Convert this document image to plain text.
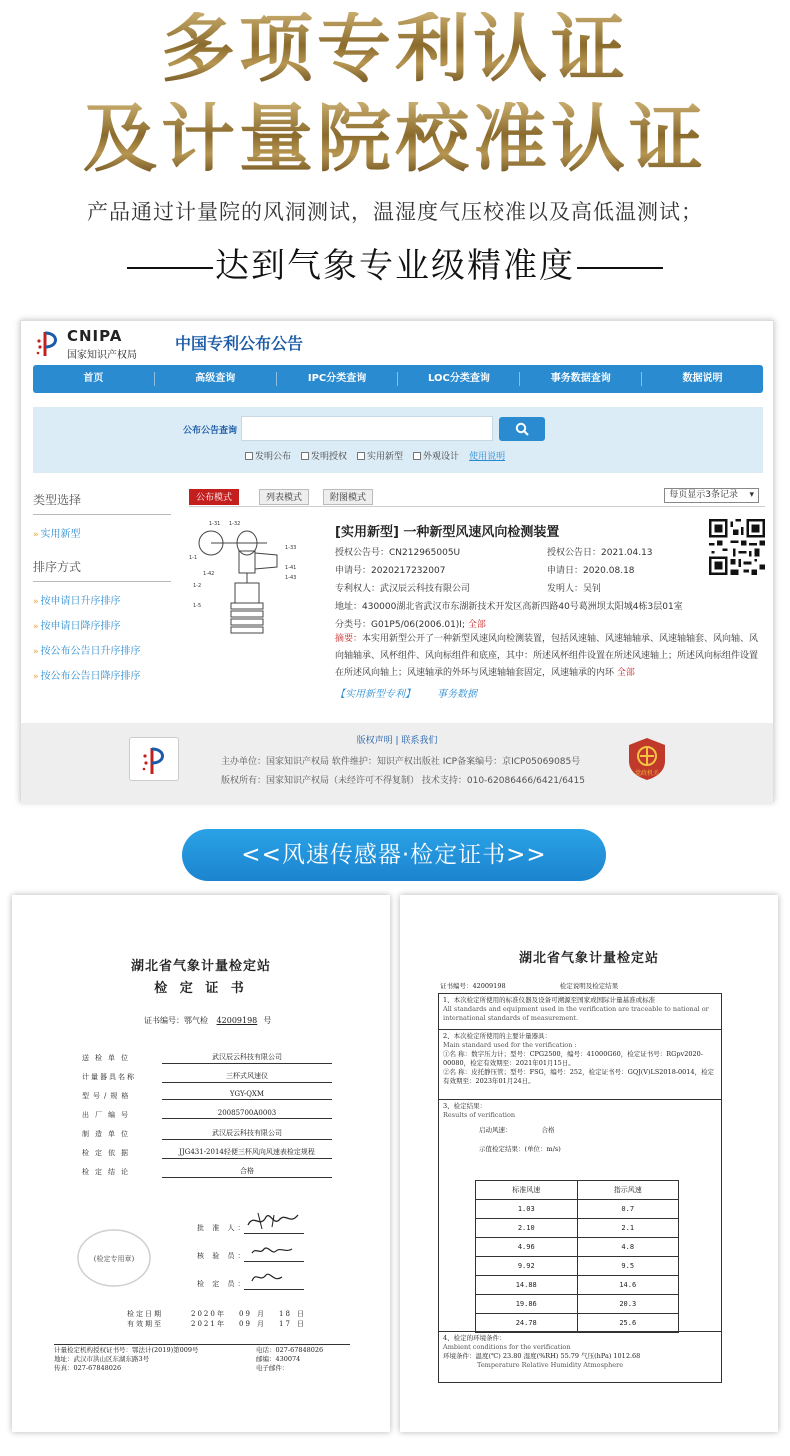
多项专利认证
及计量院校准认证
产品通过计量院的风洞测试，温湿度气压校准以及高低温测试；
达到气象专业级精准度
CNIPA
国家知识产权局
中国专利公布公告
首页	高级查询	IPC分类查询	LOC分类查询	事务数据查询	数据说明
公布公告查询
发明公布 发明授权 实用新型 外观设计 使用说明
类型选择
» 实用新型
排序方式
» 按申请日升序排序
» 按申请日降序排序
» 按公布公告日升序排序
» 按公布公告日降序排序
公布模式	列表模式	附图模式	每页显示3条记录 ▾
1-31 1-32
1-33
1-1
1-41
1-42
1-43
1-2
1-5
[实用新型] 一种新型风速风向检测装置
授权公告号：CN212965005U	授权公告日：2021.04.13
申请号：2020217232007	申请日：2020.08.18
专利权人：武汉辰云科技有限公司	发明人：吴钊
地址：430000湖北省武汉市东湖新技术开发区高新四路40号葛洲坝太阳城4栋3层01室
分类号：G01P5/06(2006.01)I; 全部
摘要：本实用新型公开了一种新型风速风向检测装置，包括风速轴、风速轴轴承、风速轴轴套、风向轴、风向轴轴承、风杯组件、风向标组件和底座，其中：所述风杯组件设置在所述风速轴上；所述风向标组件设置在所述风向轴上；风速轴承的外环与风速轴轴套固定，风速轴承的内环 全部
【实用新型专利】 事务数据
版权声明 | 联系我们
主办单位：国家知识产权局 软件维护：知识产权出版社 ICP备案编号：京ICP05069085号
版权所有：国家知识产权局（未经许可不得复制） 技术支持：010-62086466/6421/6415
党政机关
<<风速传感器·检定证书>>
湖北省气象计量检定站
检 定 证 书
证书编号：鄂气检 42009198 号
送检单位	武汉辰云科技有限公司
计量器具名称	三杯式风速仪
型号/规格	YGY-QXM
出厂编号	20085700A0003
制造单位	武汉辰云科技有限公司
检定依据	JJG431-2014轻便三杯风向风速表检定规程
检定结论	合格
(检定专用章)
批 准 人：
核 验 员：
检 定 员：
检定日期	2020年 09 月 18 日
有效期至	2021年 09 月 17 日
计量检定机构授权证书号：鄂法计(2019)第009号
地址：武汉市洪山区东湖东路3号
传真：027-67848026
电话：027-67848026
邮编：430074
电子邮件：
湖北省气象计量检定站
证书编号：42009198	检定说明及检定结果
1、本次检定所使用的标准仪器及设备可溯源至国家或国际计量基准或标准
All standards and equipment used in the verification are traceable to national or international standards of measurement.
2、本次检定所使用的主要计量器具：
Main standard used for the verification :
①名 称：数字压力计；型号：CPG2500，编号：41000G60，检定证书号：RGpv2020-00080，检定有效期至：2021年01月15日。
②名 称：皮托静压管；型号：FSG，编号：252，检定证书号：GQJ(V)LS2018-0014，检定有效期至：2023年01月24日。
3、检定结果：
Results of verification
启动风速：	合格
示值检定结果：(单位：m/s)
标准风速	指示风速
1.03	0.7
2.10	2.1
4.96	4.8
9.92	9.5
14.88	14.6
19.86	20.3
24.78	25.6
4、检定的环境条件：
Ambient conditions for the verification
环境条件：温度(℃) 23.80 湿度(%RH) 55.79 气压(hPa) 1012.68
Temperature Relative Humidity Atmosphere
